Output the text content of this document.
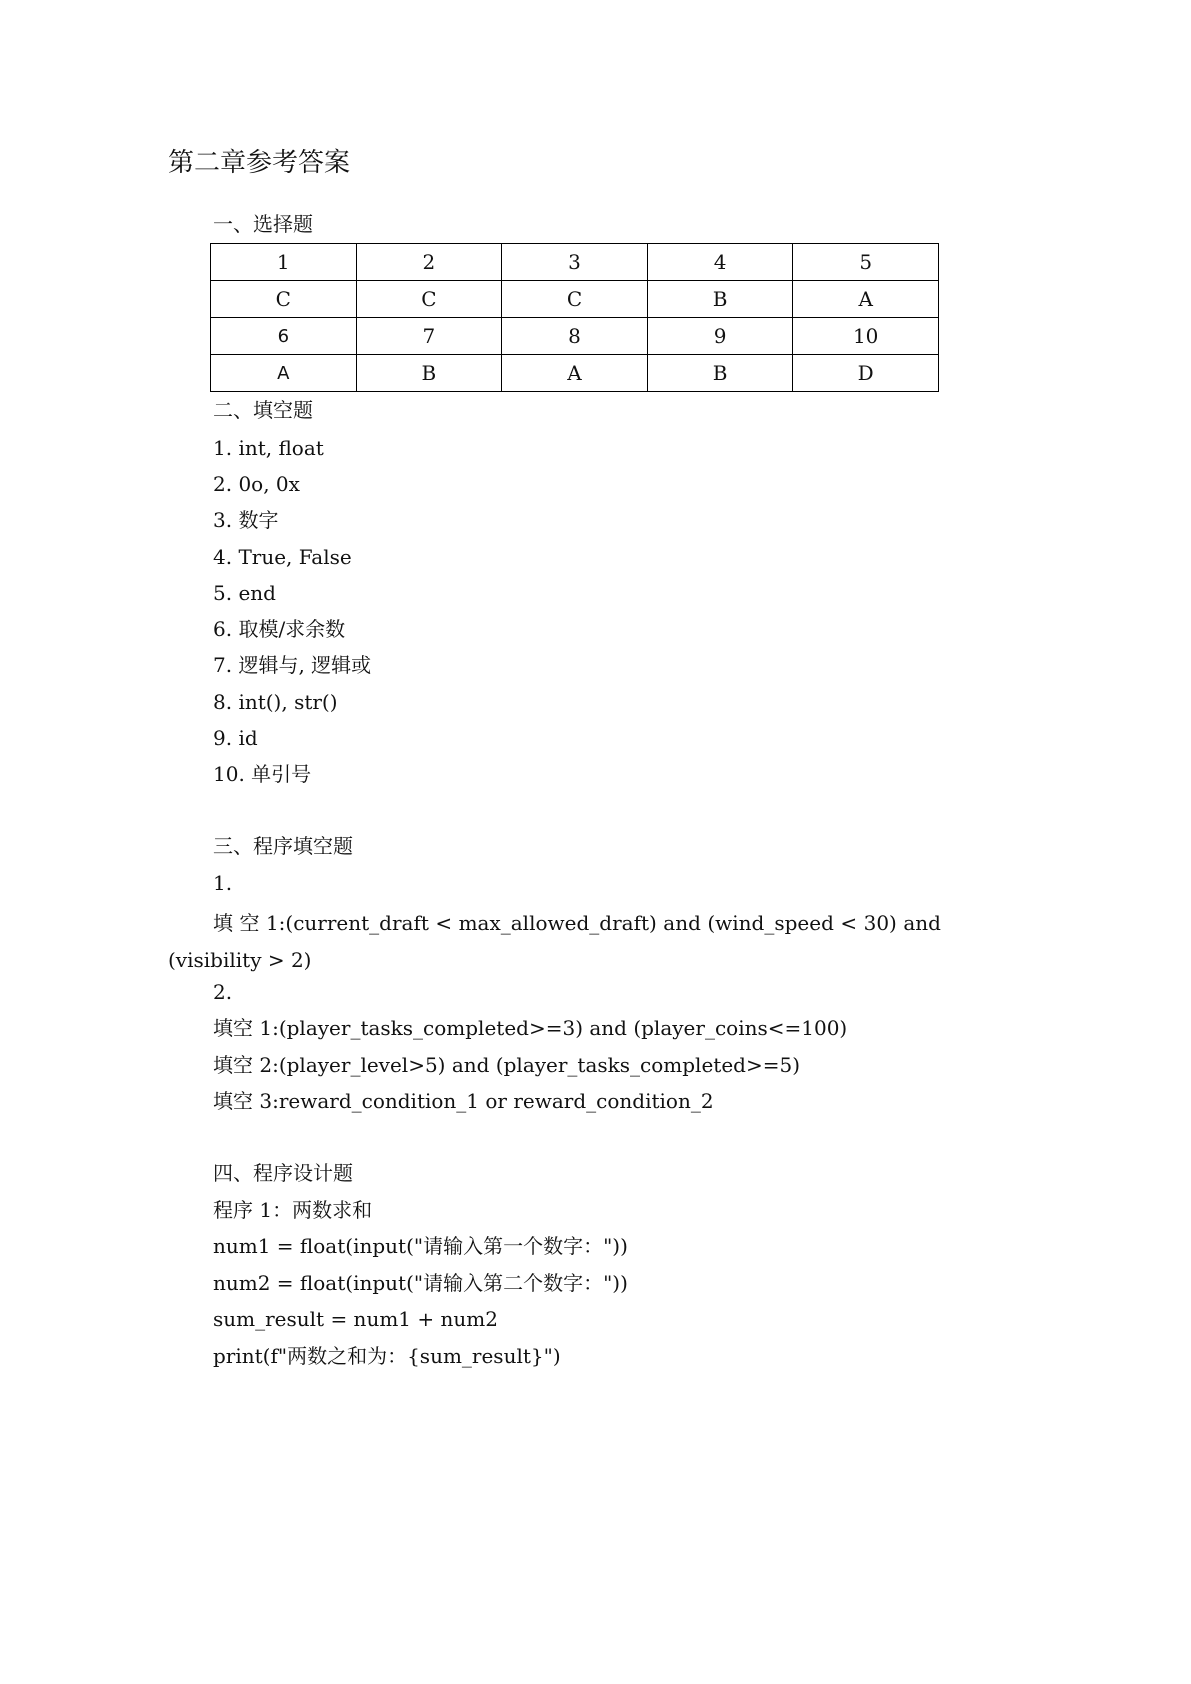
第二章参考答案

一、选择题

1	2	3	4	5
C	C	C	B	A
6	7	8	9	10
A	B	A	B	D

二、填空题

1. int, float

2. 0o, 0x

3. 数字

4. True, False

5. end

6. 取模/求余数

7. 逻辑与, 逻辑或

8. int(), str()

9. id

10. 单引号

三、程序填空题

1.

填 空 1:(current_draft < max_allowed_draft) and (wind_speed < 30) and
(visibility > 2)

2.

填空 1:(player_tasks_completed>=3) and (player_coins<=100)

填空 2:(player_level>5) and (player_tasks_completed>=5)

填空 3:reward_condition_1 or reward_condition_2

四、程序设计题

程序 1：两数求和

num1 = float(input("请输入第一个数字："))

num2 = float(input("请输入第二个数字："))

sum_result = num1 + num2

print(f"两数之和为：{sum_result}")
